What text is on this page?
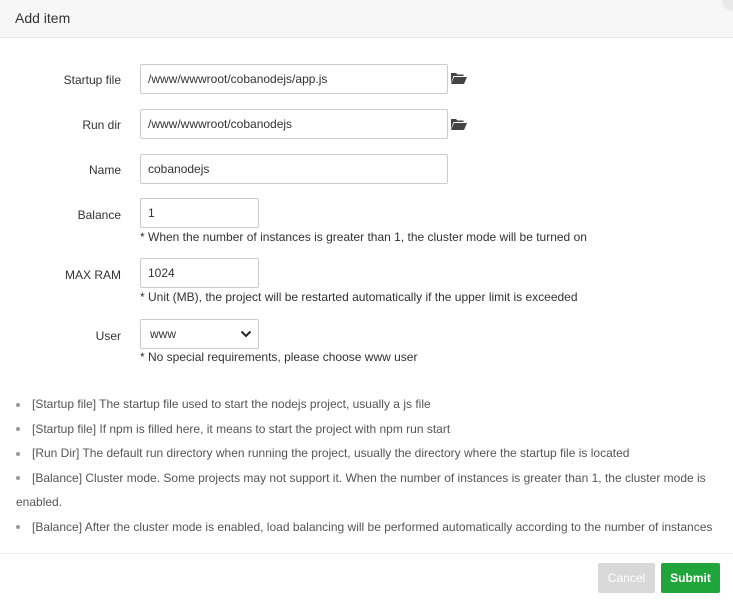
Add item
Startup file	/www/wwwroot/cobanodejs/app.js
Run dir	/www/wwwroot/cobanodejs
Name	cobanodejs
Balance	1
* When the number of instances is greater than 1, the cluster mode will be turned on
MAX RAM	1024
* Unit (MB), the project will be restarted automatically if the upper limit is exceeded
User	www
* No special requirements, please choose www user

[Startup file] The startup file used to start the nodejs project, usually a js file

[Startup file] If npm is filled here, it means to start the project with npm run start

[Run Dir] The default run directory when running the project, usually the directory where the startup file is located

[Balance] Cluster mode. Some projects may not support it. When the number of instances is greater than 1, the cluster mode is enabled.

[Balance] After the cluster mode is enabled, load balancing will be performed automatically according to the number of instances

Cancel	Submit
